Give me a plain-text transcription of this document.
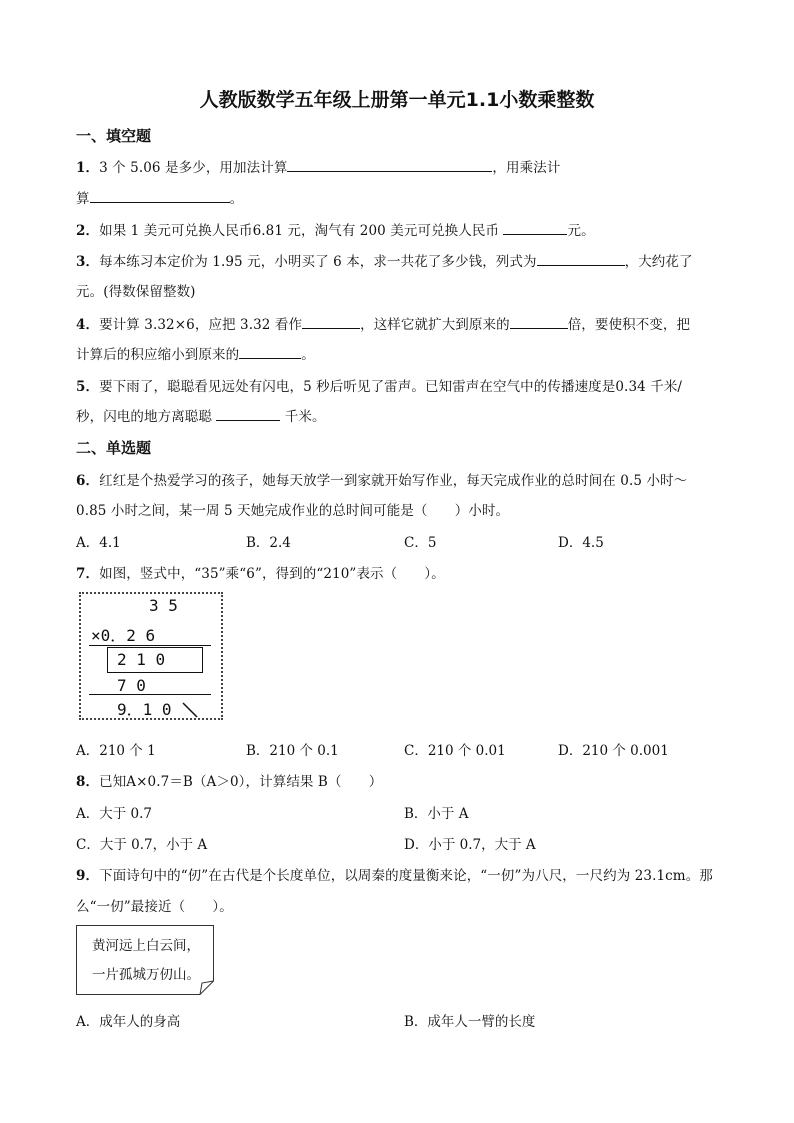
人教版数学五年级上册第一单元1.1小数乘整数
一、填空题
1．3 个 5.06 是多少，用加法计算	，用乘法计
算	。
2．如果 1 美元可兑换人民币6.81 元，淘气有 200 美元可兑换人民币	元。
3．每本练习本定价为 1.95 元，小明买了 6 本，求一共花了多少钱，列式为	，大约花了
元。(得数保留整数)
4．要计算 3.32×6，应把 3.32 看作	，这样它就扩大到原来的	倍，要使积不变，把
计算后的积应缩小到原来的	。
5．要下雨了，聪聪看见远处有闪电，5 秒后听见了雷声。已知雷声在空气中的传播速度是0.34 千米/
秒，闪电的地方离聪聪	千米。
二、单选题
6．红红是个热爱学习的孩子，她每天放学一到家就开始写作业，每天完成作业的总时间在 0.5 小时～
0.85 小时之间，某一周 5 天她完成作业的总时间可能是（　　）小时。
A．4.1	B．2.4	C．5	D．4.5
7．如图，竖式中，“35”乘“6”，得到的“210”表示（　　）。
3 5
×0．2 6
2 1 0
7 0
9．1 0
A．210 个 1	B．210 个 0.1	C．210 个 0.01	D．210 个 0.001
8．已知A×0.7＝B（A＞0），计算结果 B（　　）
A．大于 0.7	B．小于 A
C．大于 0.7，小于 A	D．小于 0.7，大于 A
9．下面诗句中的“仞”在古代是个长度单位，以周秦的度量衡来论，“一仞”为八尺，一尺约为 23.1cm。那
么“一仞”最接近（　　）。
黄河远上白云间，
一片孤城万仞山。
A．成年人的身高	B．成年人一臂的长度
